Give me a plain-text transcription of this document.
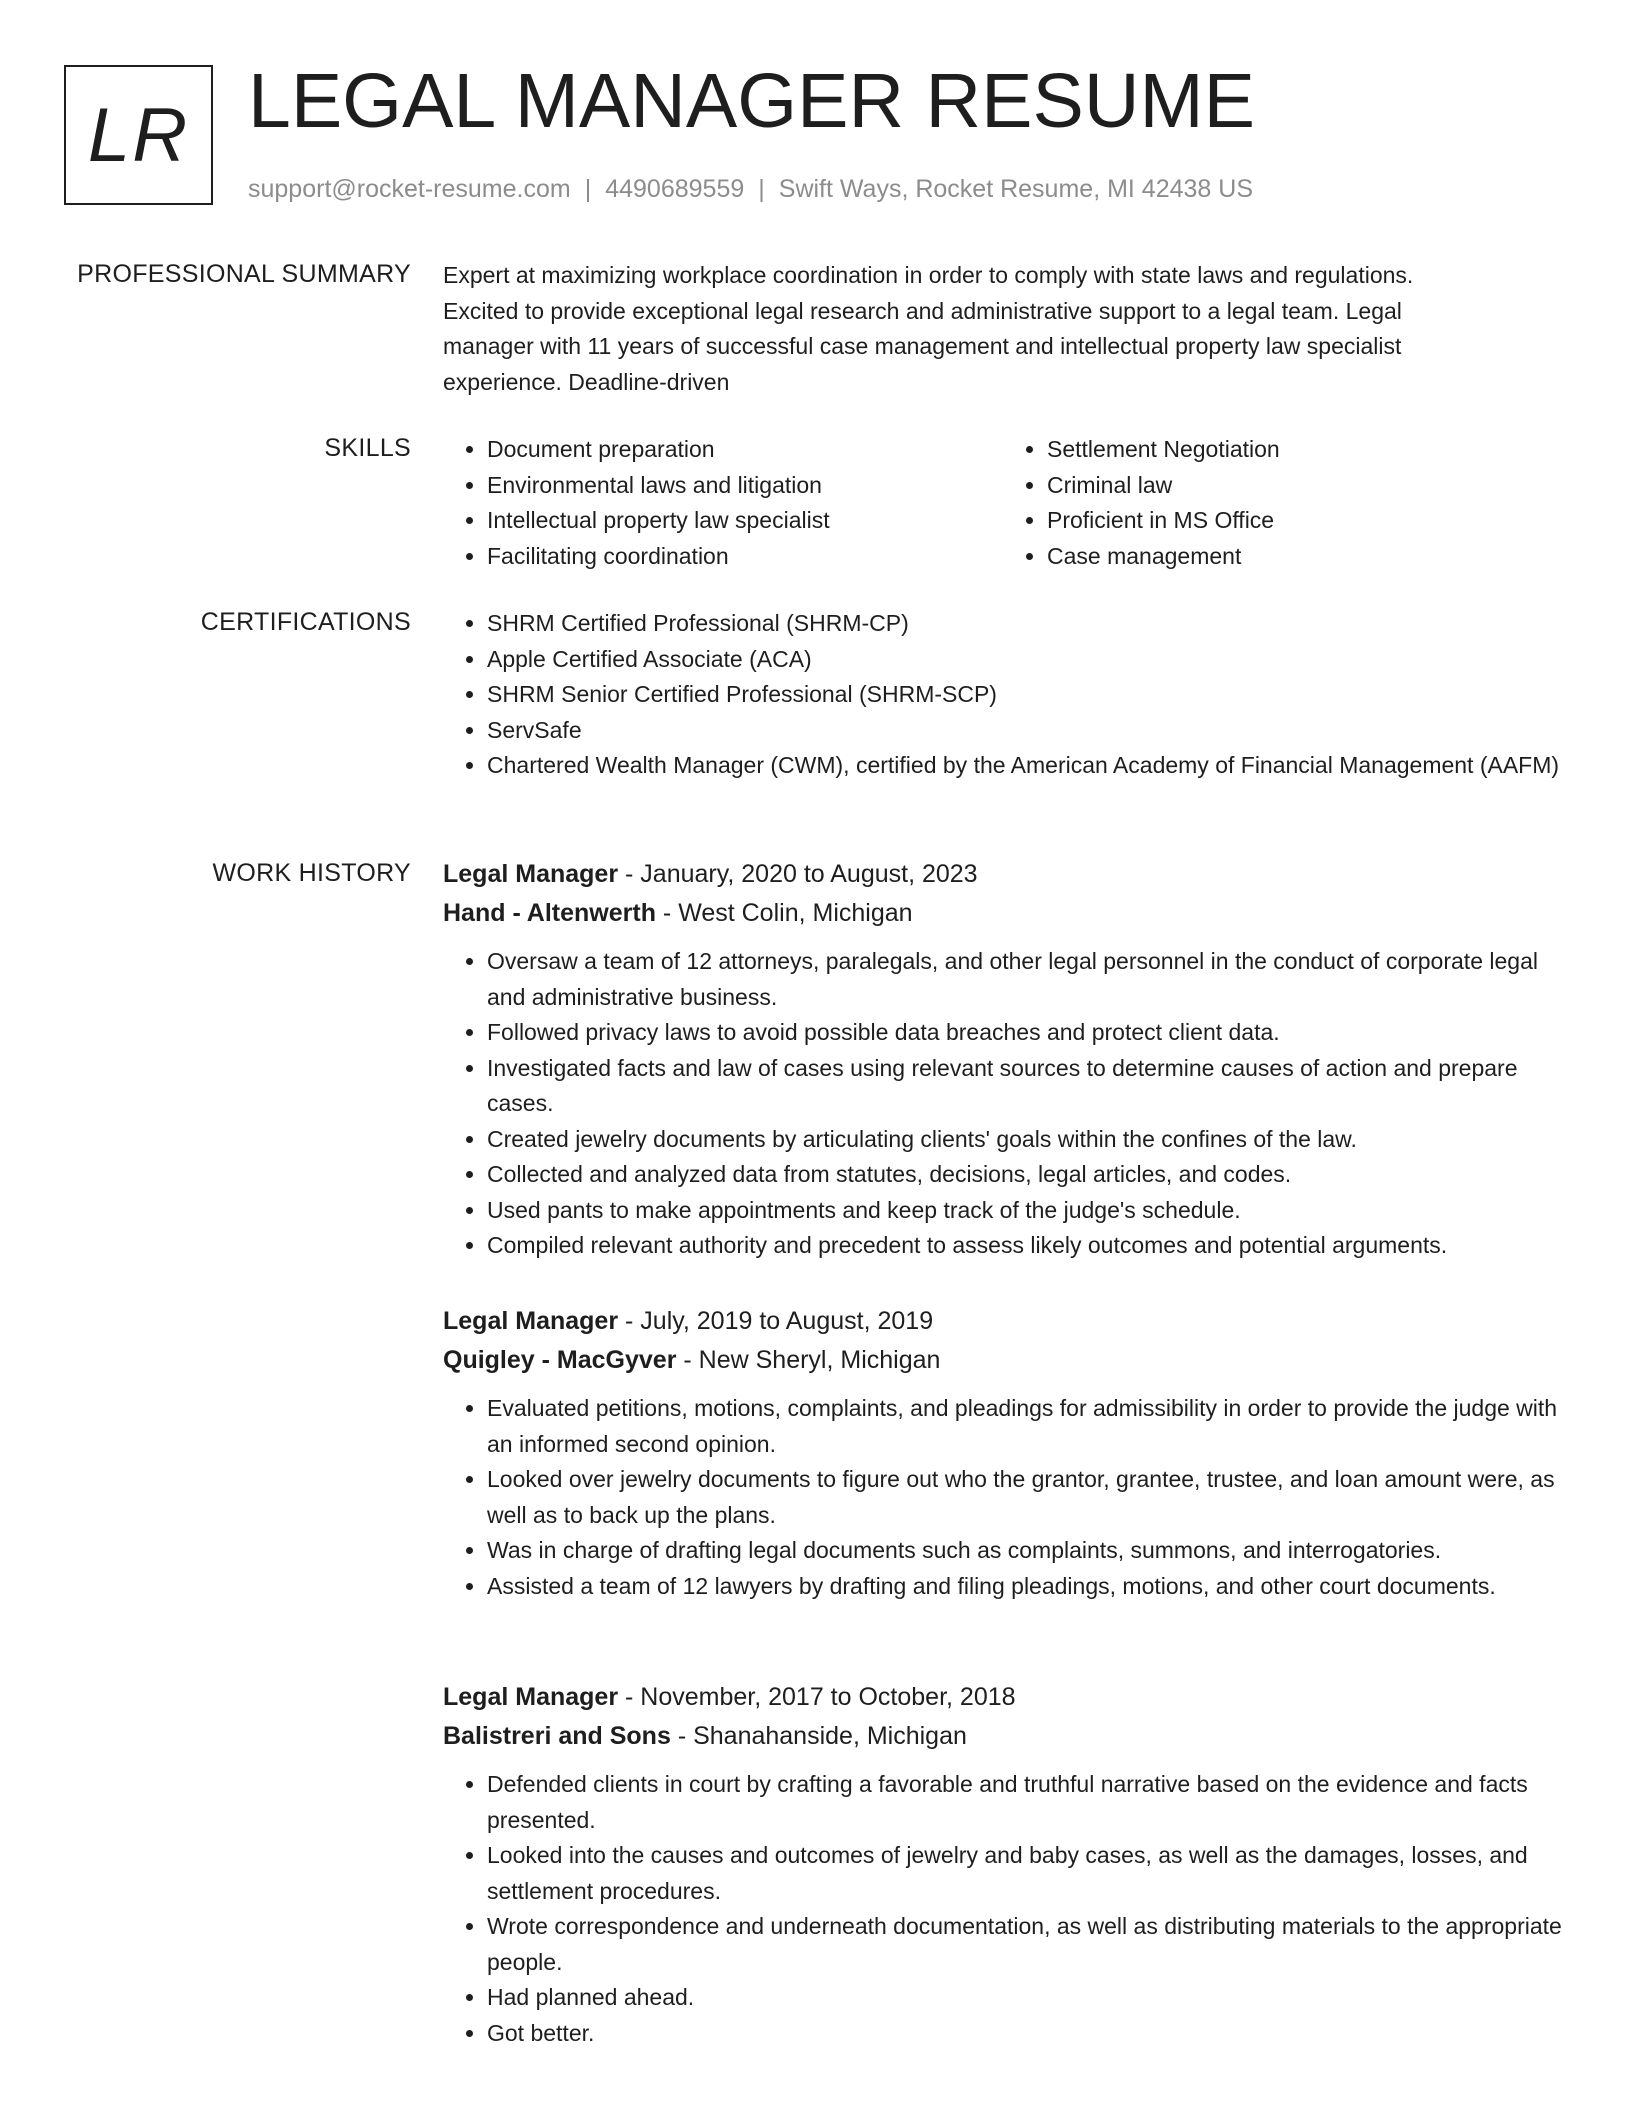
LR LEGAL MANAGER RESUME
support@rocket-resume.com | 4490689559 | Swift Ways, Rocket Resume, MI 42438 US
PROFESSIONAL SUMMARY Expert at maximizing workplace coordination in order to comply with state laws and regulations.
Excited to provide exceptional legal research and administrative support to a legal team. Legal
manager with 11 years of successful case management and intellectual property law specialist
experience. Deadline-driven

SKILLS	• Document preparation
• Environmental laws and litigation
• Intellectual property law specialist
• Facilitating coordination
• Settlement Negotiation
• Criminal law
• Proficient in MS Office
• Case management
CERTIFICATIONS	• SHRM Certified Professional (SHRM-CP)
• Apple Certified Associate (ACA)
• SHRM Senior Certified Professional (SHRM-SCP)
• ServSafe
• Chartered Wealth Manager (CWM), certified by the American Academy of Financial Management (AAFM)
WORK HISTORY Legal Manager - January, 2020 to August, 2023
Hand - Altenwerth - West Colin, Michigan
• Oversaw a team of 12 attorneys, paralegals, and other legal personnel in the conduct of corporate legal and administrative business.
• Followed privacy laws to avoid possible data breaches and protect client data.
• Investigated facts and law of cases using relevant sources to determine causes of action and prepare cases.
• Created jewelry documents by articulating clients' goals within the confines of the law.
• Collected and analyzed data from statutes, decisions, legal articles, and codes.
• Used pants to make appointments and keep track of the judge's schedule.
• Compiled relevant authority and precedent to assess likely outcomes and potential arguments.
Legal Manager - July, 2019 to August, 2019
Quigley - MacGyver - New Sheryl, Michigan
• Evaluated petitions, motions, complaints, and pleadings for admissibility in order to provide the judge with an informed second opinion.
• Looked over jewelry documents to figure out who the grantor, grantee, trustee, and loan amount were, as well as to back up the plans.
• Was in charge of drafting legal documents such as complaints, summons, and interrogatories.
• Assisted a team of 12 lawyers by drafting and filing pleadings, motions, and other court documents.
Legal Manager - November, 2017 to October, 2018
Balistreri and Sons - Shanahanside, Michigan
• Defended clients in court by crafting a favorable and truthful narrative based on the evidence and facts presented.
• Looked into the causes and outcomes of jewelry and baby cases, as well as the damages, losses, and settlement procedures.
• Wrote correspondence and underneath documentation, as well as distributing materials to the appropriate people.
• Had planned ahead.
• Got better.
